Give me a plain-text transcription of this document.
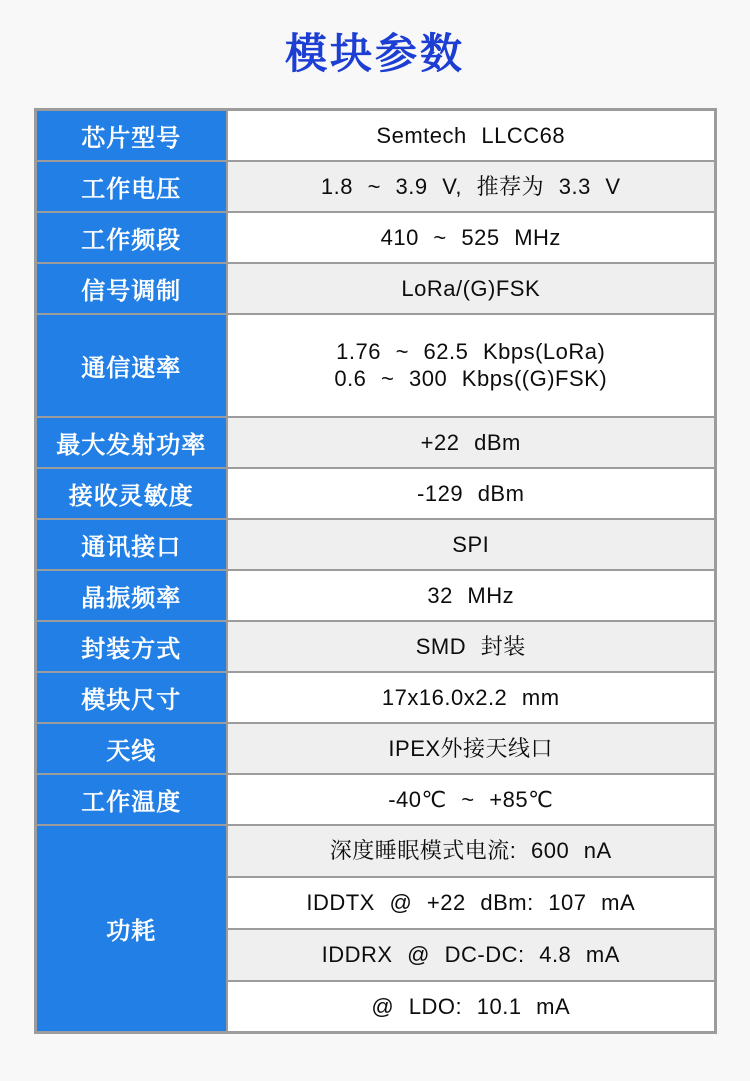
模块参数
芯片型号	Semtech LLCC68

工作电压	1.8 ~ 3.9 V, 推荐为 3.3 V

工作频段	410 ~ 525 MHz

信号调制	LoRa/(G)FSK

通信速率	1.76 ~ 62.5 Kbps(LoRa)
0.6 ~ 300 Kbps((G)FSK)

最大发射功率	+22 dBm

接收灵敏度	-129 dBm

通讯接口	SPI

晶振频率	32 MHz

封装方式	SMD 封装

模块尺寸	17x16.0x2.2 mm

天线	IPEX外接天线口

工作温度	-40℃ ~ +85℃

功耗	深度睡眠模式电流: 600 nA

	IDDTX @ +22 dBm: 107 mA

	IDDRX @ DC-DC: 4.8 mA

	@ LDO: 10.1 mA
